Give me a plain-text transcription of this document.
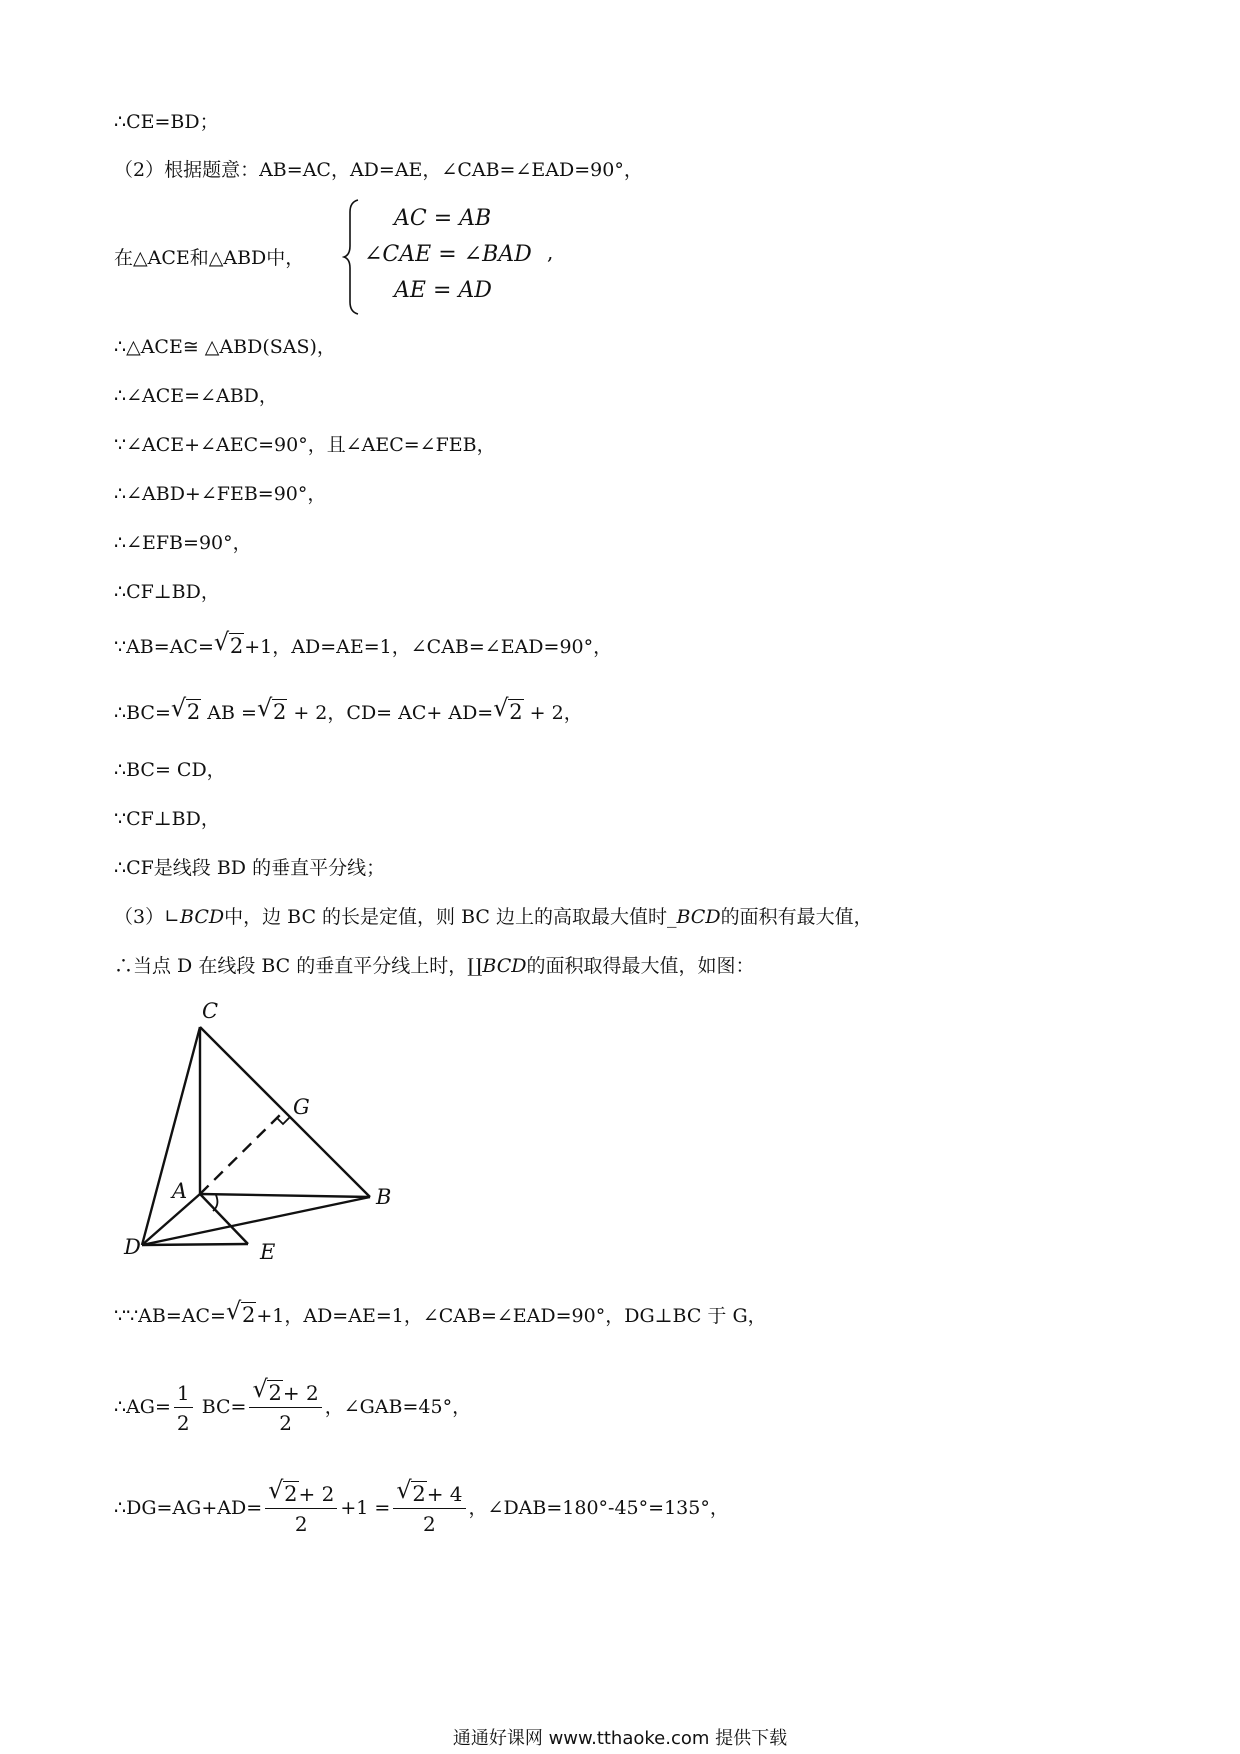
∴CE=BD；
（2）根据题意：AB=AC，AD=AE，∠CAB=∠EAD=90°，
在△ACE和△ABD中，
AC = AB
∠CAE = ∠BAD
AE = AD
,
∴△ACE≅ △ABD(SAS)，
∴∠ACE=∠ABD，
∵∠ACE+∠AEC=90°，且∠AEC=∠FEB，
∴∠ABD+∠FEB=90°，
∴∠EFB=90°，
∴CF⊥BD，
∵AB=AC= √ 2+1，AD=AE=1，∠CAB=∠EAD=90°，
∴BC= √ 2 AB = √ 2 + 2，CD= AC+ AD= √ 2 + 2，
∴BC= CD，
∵CF⊥BD，
∴CF是线段 BD 的垂直平分线；
（3）∟BCD中，边 BC 的长是定值，则 BC 边上的高取最大值时_BCD的面积有最大值，
∴当点 D 在线段 BC 的垂直平分线上时，∐BCD的面积取得最大值，如图：
C
G
A	B
D	E
∵∵AB=AC= √ 2+1，AD=AE=1，∠CAB=∠EAD=90°，DG⊥BC 于 G，
∴AG= $\frac{1}{2} BC= \frac{√ 2+ 2}{2}$ ，∠GAB=45°，
∴DG=AG+AD= $\frac{√ 2+ 2}{2} +1 = \frac{√ 2+ 4}{2}$ ，∠DAB=180°-45°=135°，
通通好课网 www.tthaoke.com 提供下载
